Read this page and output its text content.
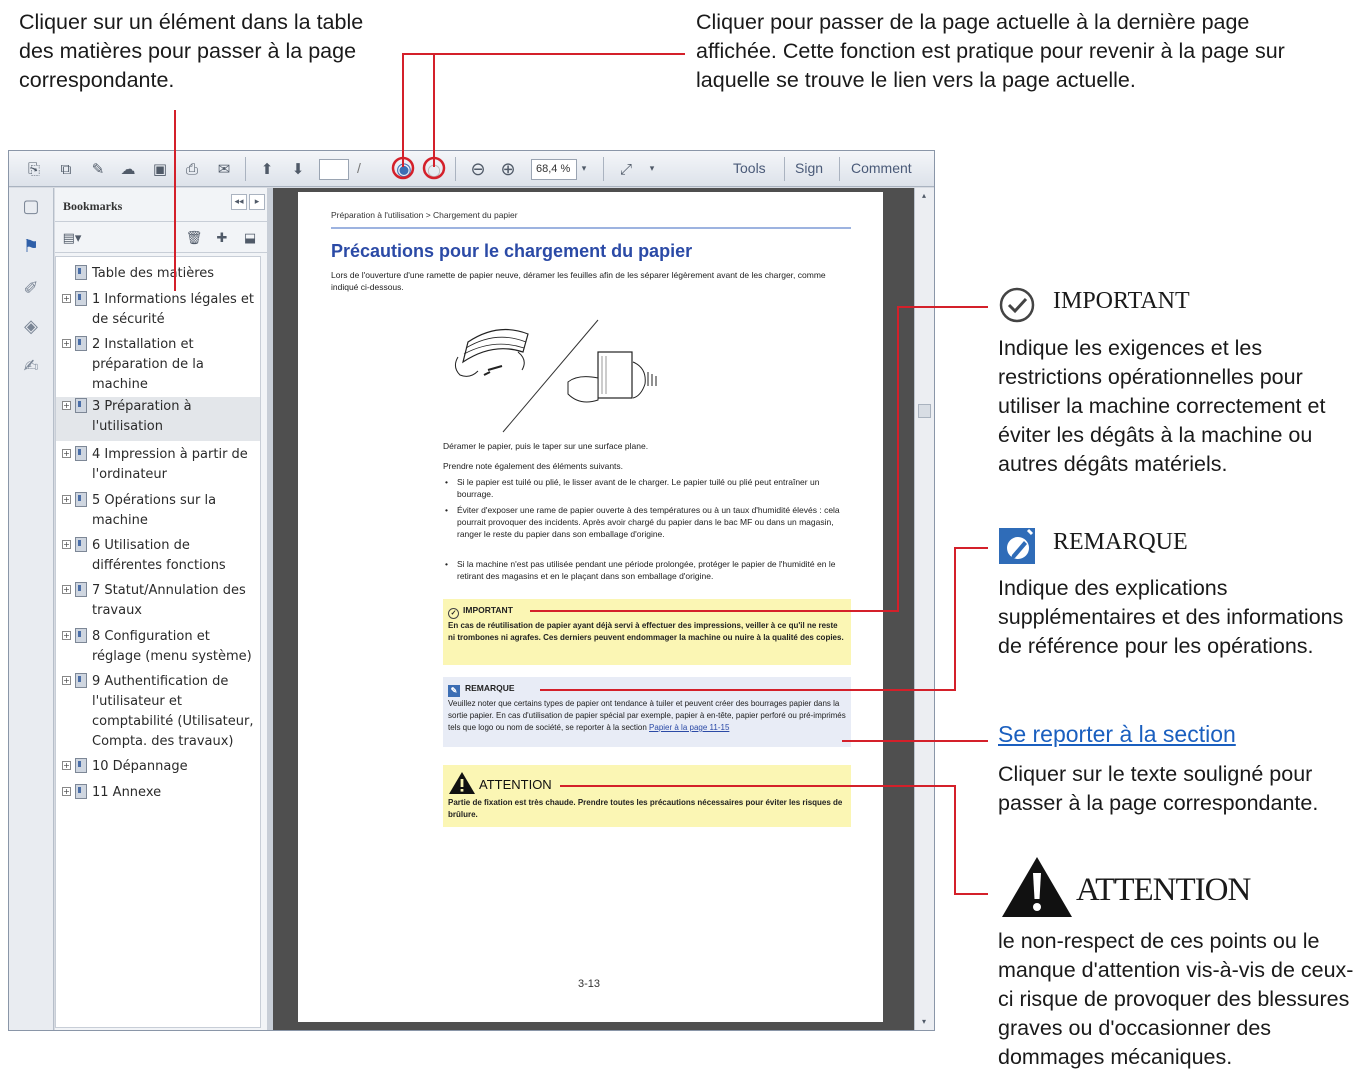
Cliquer sur un élément dans la table des matières pour passer à la page correspondante.

Cliquer pour passer de la page actuelle à la dernière page affichée. Cette fonction est pratique pour revenir à la page sur laquelle se trouve le lien vers la page actuelle.

⎘	⧉	✎	☁ ▣	⎙	✉	⬆	⬇	/ ◉ ○ ⊖ ⊕	68,4 %	▾	⤢	▾	Tools Sign Comment
▢
⚑
✐
◈
✍
Bookmarks	◂◂	▸
▤▾	🗑	✚	⬓
Table des matières
+ 1 Informations légales et de sécurité
+ 2 Installation et préparation de la machine
+ 3 Préparation à l'utilisation
+ 4 Impression à partir de l'ordinateur
+ 5 Opérations sur la machine
+ 6 Utilisation de différentes fonctions
+ 7 Statut/Annulation des travaux
+ 8 Configuration et réglage (menu système)
+ 9 Authentification de l'utilisateur et comptabilité (Utilisateur, Compta. des travaux)
+ 10 Dépannage
+ 11 Annexe
▴
▾
Préparation à l'utilisation > Chargement du papier
Précautions pour le chargement du papier
Lors de l'ouverture d'une ramette de papier neuve, déramer les feuilles afin de les séparer légèrement avant de les charger, comme indiqué ci-dessous.
Déramer le papier, puis le taper sur une surface plane.
Prendre note également des éléments suivants.
• Si le papier est tuilé ou plié, le lisser avant de le charger. Le papier tuilé ou plié peut entraîner un bourrage.
• Éviter d'exposer une rame de papier ouverte à des températures ou à un taux d'humidité élevés : cela pourrait provoquer des incidents. Après avoir chargé du papier dans le bac MF ou dans un magasin, ranger le reste du papier dans son emballage d'origine.
• Si la machine n'est pas utilisée pendant une période prolongée, protéger le papier de l'humidité en le retirant des magasins et en le plaçant dans son emballage d'origine.
✓ IMPORTANT
En cas de réutilisation de papier ayant déjà servi à effectuer des impressions, veiller à ce qu'il ne reste ni trombones ni agrafes. Ces derniers peuvent endommager la machine ou nuire à la qualité des copies.
✎ REMARQUE
Veuillez noter que certains types de papier ont tendance à tuiler et peuvent créer des bourrages papier dans la sortie papier. En cas d'utilisation de papier spécial par exemple, papier à en-tête, papier perforé ou pré-imprimés tels que logo ou nom de société, se reporter à la section Papier à la page 11-15
ATTENTION
Partie de fixation est très chaude. Prendre toutes les précautions nécessaires pour éviter les risques de brûlure.
3-13
IMPORTANT
Indique les exigences et les restrictions opérationnelles pour utiliser la machine correctement et éviter les dégâts à la machine ou autres dégâts matériels.
REMARQUE
Indique des explications supplémentaires et des informations de référence pour les opérations.
Se reporter à la section
Cliquer sur le texte souligné pour passer à la page correspondante.
ATTENTION
le non-respect de ces points ou le manque d'attention vis-à-vis de ceux-ci risque de provoquer des blessures graves ou d'occasionner des dommages mécaniques.
